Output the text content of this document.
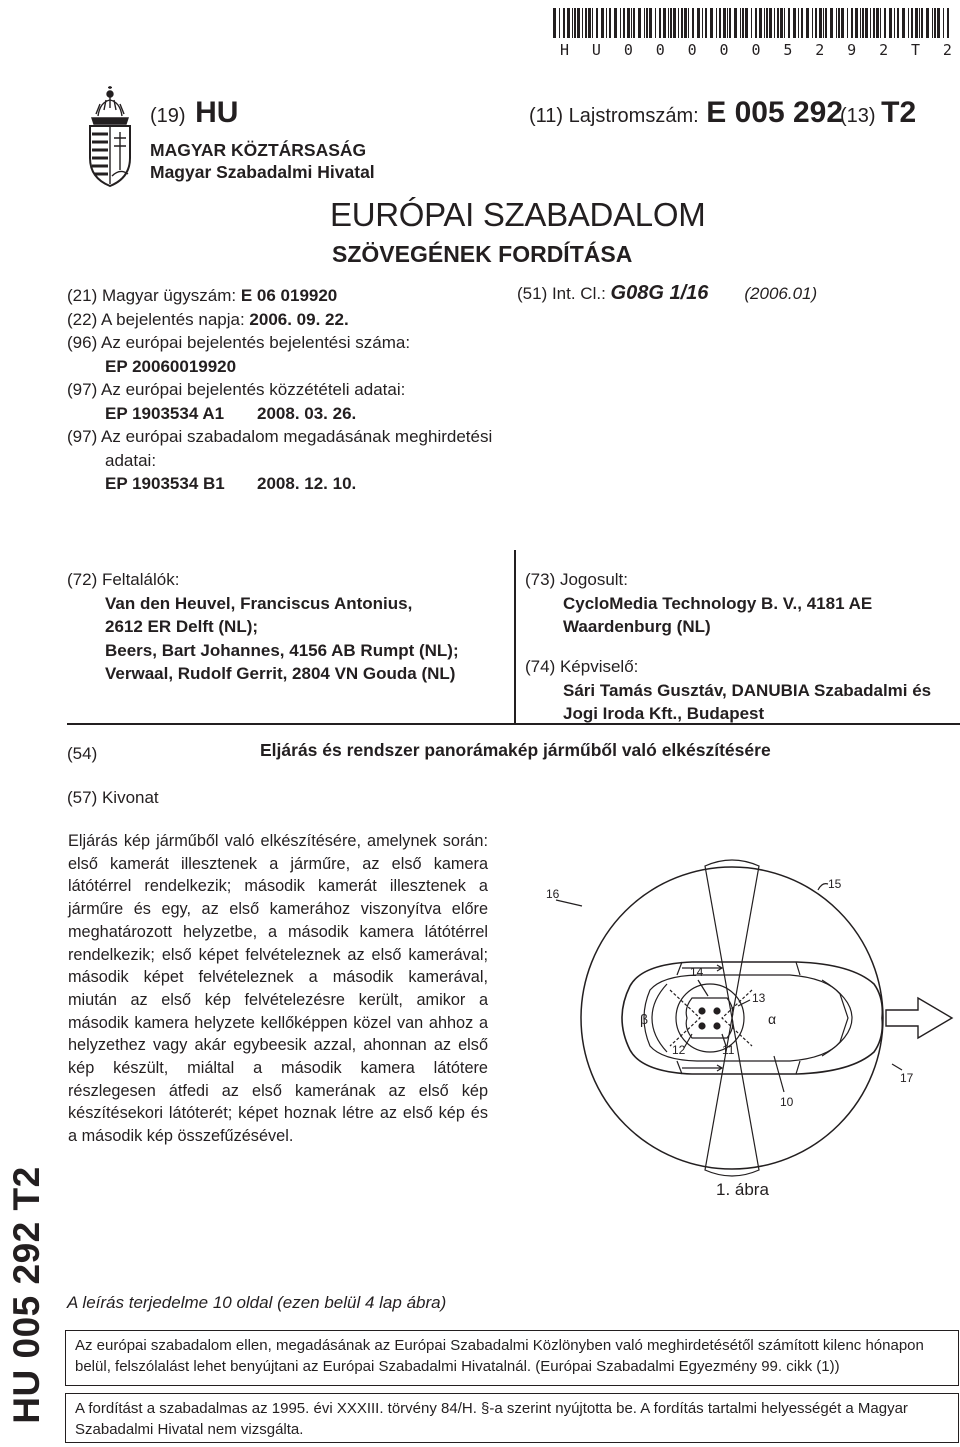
H U 0 0 0 0 0 5 2 9 2 T 2
(19) HU
MAGYAR KÖZTÁRSASÁG
Magyar Szabadalmi Hivatal
(11) Lajstromszám: E 005 292
(13) T2
EURÓPAI SZABADALOM
SZÖVEGÉNEK FORDÍTÁSA
(21) Magyar ügyszám: E 06 019920
(22) A bejelentés napja: 2006. 09. 22.
(96) Az európai bejelentés bejelentési száma:
EP 20060019920
(97) Az európai bejelentés közzétételi adatai:
EP 1903534 A1 2008. 03. 26.
(97) Az európai szabadalom megadásának meghirdetési
adatai:
EP 1903534 B1 2008. 12. 10.
(51) Int. Cl.: G08G 1/16 (2006.01)
(72) Feltalálók:
Van den Heuvel, Franciscus Antonius,
2612 ER Delft (NL);
Beers, Bart Johannes, 4156 AB Rumpt (NL);
Verwaal, Rudolf Gerrit, 2804 VN Gouda (NL)
(73) Jogosult:
CycloMedia Technology B. V., 4181 AE
Waardenburg (NL)
(74) Képviselő:
Sári Tamás Gusztáv, DANUBIA Szabadalmi és
Jogi Iroda Kft., Budapest
(54)	Eljárás és rendszer panorámakép járműből való elkészítésére
(57) Kivonat

Eljárás kép járműből való elkészítésére, amelynek során: első kamerát illesztenek a járműre, az első kamera látótérrel rendelkezik; második kamerát illesztenek a járműre és egy, az első kamerához viszonyítva előre meghatározott helyzetbe, a második kamera látótérrel rendelkezik; első képet felvételeznek az első kamerával; második képet felvételeznek a második kamerával, miután az első kép felvételezésre került, amikor a második kamera helyzete kellőképpen közel van ahhoz a helyzethez vagy akár egybeesik azzal, ahonnan az első kép készült, miáltal a második kamera látótere részlegesen átfedi az első kamerának az első kép készítésekori látóterét; képet hoznak létre az első kép és a második kép összefűzésével.

16
15
14
13
12	11
10
17
β	α
1. ábra
HU 005 292 T2 A leírás terjedelme 10 oldal (ezen belül 4 lap ábra)
Az európai szabadalom ellen, megadásának az Európai Szabadalmi Közlönyben való meghirdetésétől számított kilenc hónapon belül, felszólalást lehet benyújtani az Európai Szabadalmi Hivatalnál. (Európai Szabadalmi Egyezmény 99. cikk (1))
A fordítást a szabadalmas az 1995. évi XXXIII. törvény 84/H. §-a szerint nyújtotta be. A fordítás tartalmi helyességét a Magyar Szabadalmi Hivatal nem vizsgálta.
